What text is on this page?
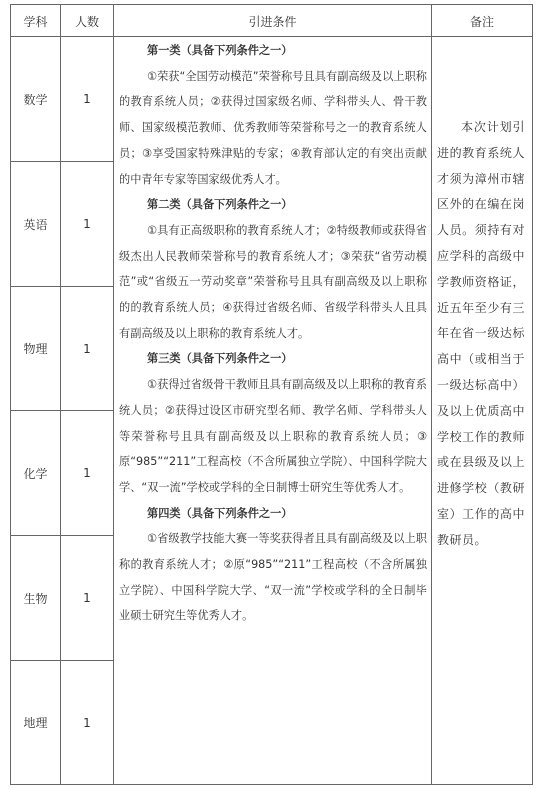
学科	人数	引进条件	备注
数学	1
英语	1
物理	1
化学	1
生物	1
地理	1
第一类（具备下列条件之一）

①荣获“全国劳动模范”荣誉称号且具有副高级及以上职称的教育系统人员；②获得过国家级名师、学科带头人、骨干教师、国家级模范教师、优秀教师等荣誉称号之一的教育系统人员；③享受国家特殊津贴的专家；④教育部认定的有突出贡献的中青年专家等国家级优秀人才。

第二类（具备下列条件之一）

①具有正高级职称的教育系统人才；②特级教师或获得省级杰出人民教师荣誉称号的教育系统人才；③荣获“省劳动模范”或“省级五一劳动奖章”荣誉称号且具有副高级及以上职称的的教育系统人员；④获得过省级名师、省级学科带头人且具有副高级及以上职称的教育系统人才。

第三类（具备下列条件之一）

①获得过省级骨干教师且具有副高级及以上职称的教育系统人员；②获得过设区市研究型名师、教学名师、学科带头人等荣誉称号且具有副高级及以上职称的教育系统人员；③原“985”“211”工程高校（不含所属独立学院）、中国科学院大学、“双一流”学校或学科的全日制博士研究生等优秀人才。

第四类（具备下列条件之一）

①省级教学技能大赛一等奖获得者且具有副高级及以上职称的教育系统人才；②原“985”“211”工程高校（不含所属独立学院）、中国科学院大学、“双一流”学校或学科的全日制毕业硕士研究生等优秀人才。

本次计划引进的教育系统人才须为漳州市辖区外的在编在岗人员。须持有对应学科的高级中学教师资格证，近五年至少有三年在省一级达标高中（或相当于一级达标高中）及以上优质高中学校工作的教师或在县级及以上进修学校（教研室）工作的高中教研员。
